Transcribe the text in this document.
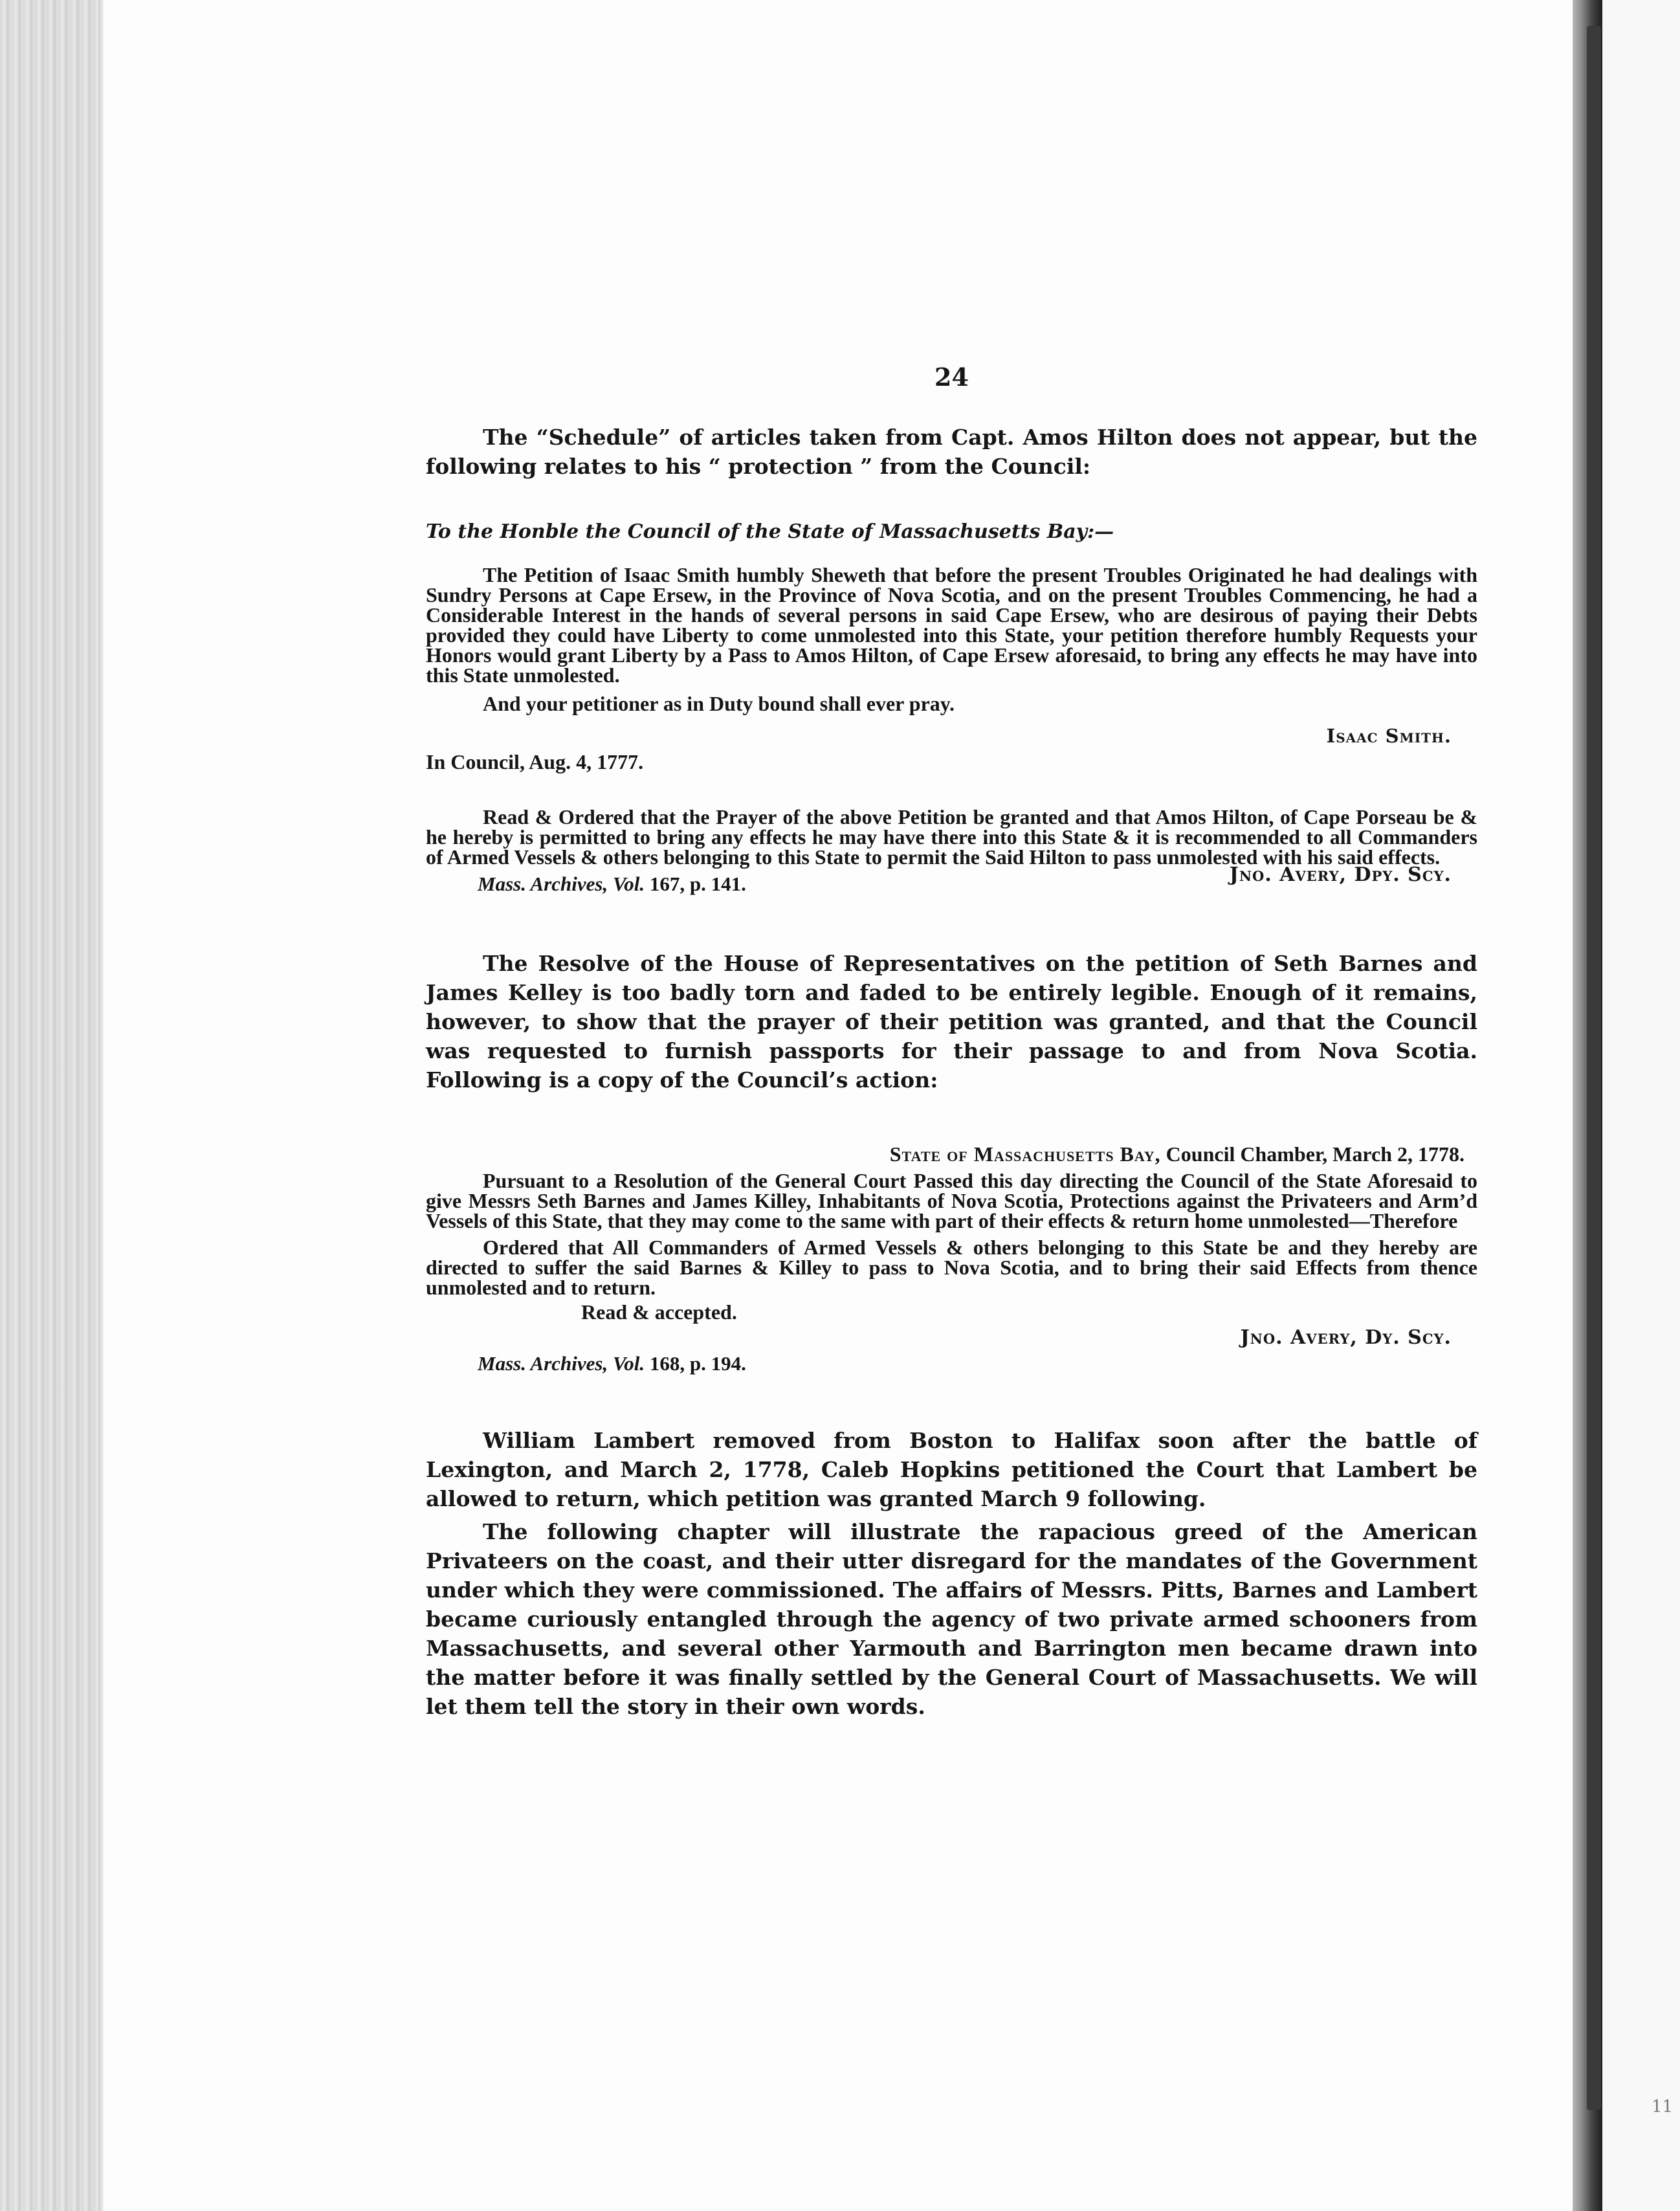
11
24

The “Schedule” of articles taken from Capt. Amos Hilton does not appear, but the following relates to his “ protection ” from the Council:

To the Honble the Council of the State of Massachusetts Bay:—

The Petition of Isaac Smith humbly Sheweth that before the present Troubles Originated he had dealings with Sundry Persons at Cape Ersew, in the Province of Nova Scotia, and on the present Troubles Commencing, he had a Considerable Interest in the hands of several persons in said Cape Ersew, who are desirous of paying their Debts provided they could have Liberty to come unmolested into this State, your petition therefore humbly Requests your Honors would grant Liberty by a Pass to Amos Hilton, of Cape Ersew aforesaid, to bring any effects he may have into this State unmolested.

And your petitioner as in Duty bound shall ever pray.

Isaac Smith.

In Council, Aug. 4, 1777.

Read & Ordered that the Prayer of the above Petition be granted and that Amos Hilton, of Cape Porseau be & he hereby is permitted to bring any effects he may have there into this State & it is recommended to all Commanders of Armed Vessels & others belonging to this State to permit the Said Hilton to pass unmolested with his said effects.

Mass. Archives, Vol. 167, p. 141.	Jno. Avery, Dpy. Scy.

The Resolve of the House of Representatives on the petition of Seth Barnes and James Kelley is too badly torn and faded to be entirely legible. Enough of it remains, however, to show that the prayer of their petition was granted, and that the Council was requested to furnish passports for their passage to and from Nova Scotia. Following is a copy of the Council’s action:

State of Massachusetts Bay, Council Chamber, March 2, 1778.

Pursuant to a Resolution of the General Court Passed this day directing the Council of the State Aforesaid to give Messrs Seth Barnes and James Killey, Inhabitants of Nova Scotia, Protections against the Privateers and Arm’d Vessels of this State, that they may come to the same with part of their effects & return home unmolested—Therefore

Ordered that All Commanders of Armed Vessels & others belonging to this State be and they hereby are directed to suffer the said Barnes & Killey to pass to Nova Scotia, and to bring their said Effects from thence unmolested and to return.

Read & accepted.

Jno. Avery, Dy. Scy.

Mass. Archives, Vol. 168, p. 194.

William Lambert removed from Boston to Halifax soon after the battle of Lexington, and March 2, 1778, Caleb Hopkins petitioned the Court that Lambert be allowed to return, which petition was granted March 9 following.

The following chapter will illustrate the rapacious greed of the American Privateers on the coast, and their utter disregard for the mandates of the Government under which they were commissioned. The affairs of Messrs. Pitts, Barnes and Lambert became curiously entangled through the agency of two private armed schooners from Massachusetts, and several other Yarmouth and Barrington men became drawn into the matter before it was finally settled by the General Court of Massachusetts. We will let them tell the story in their own words.
